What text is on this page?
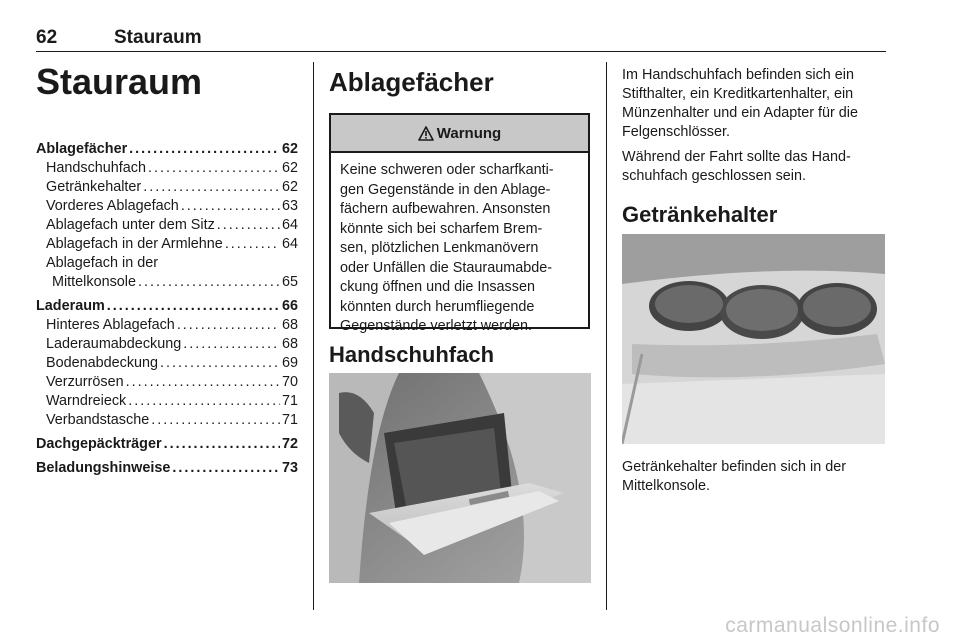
62	Stauraum
Stauraum
Ablagefächer . . .	62
Handschuhfach . . .	62
Getränkehalter . . .	62
Vorderes Ablagefach . . .	63
Ablagefach unter dem Sitz . . .	64
Ablagefach in der Armlehne . . .	64
Ablagefach in der
Mittelkonsole . . .	65
Laderaum . . .	66
Hinteres Ablagefach . . .	68
Laderaumabdeckung . . .	68
Bodenabdeckung . . .	69
Verzurrösen . . .	70
Warndreieck . . .	71
Verbandstasche . . .	71
Dachgepäckträger . . .	72
Beladungshinweise . . .	73
Ablagefächer
Warnung
Keine schweren oder scharfkanti-
gen Gegenstände in den Ablage-
fächern aufbewahren. Ansonsten
könnte sich bei scharfem Brem-
sen, plötzlichen Lenkmanövern
oder Unfällen die Stauraumabde-
ckung öffnen und die Insassen
könnten durch herumfliegende
Gegenstände verletzt werden.
Handschuhfach
Im Handschuhfach befinden sich ein
Stifthalter, ein Kreditkartenhalter, ein
Münzenhalter und ein Adapter für die
Felgenschlösser.
Während der Fahrt sollte das Hand-
schuhfach geschlossen sein.
Getränkehalter
Getränkehalter befinden sich in der
Mittelkonsole.
carmanualsonline.info
